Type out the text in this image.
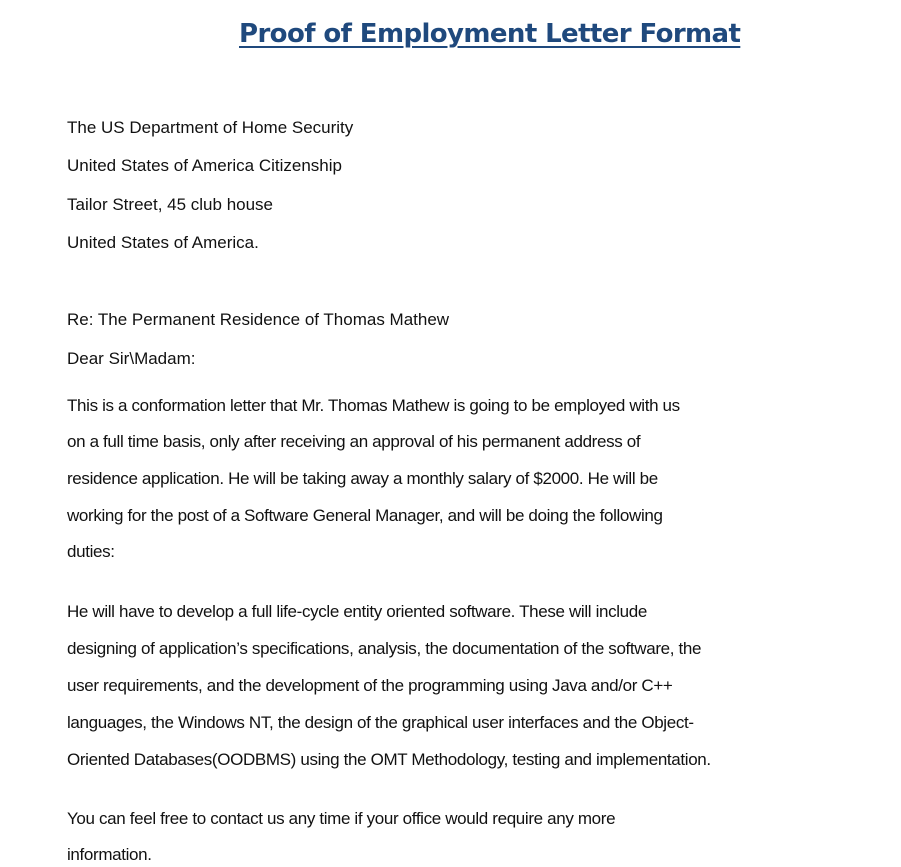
Proof of Employment Letter Format
The US Department of Home Security
United States of America Citizenship
Tailor Street, 45 club house
United States of America.
Re: The Permanent Residence of Thomas Mathew
Dear Sir\Madam:
This is a conformation letter that Mr. Thomas Mathew is going to be employed with us
on a full time basis, only after receiving an approval of his permanent address of
residence application. He will be taking away a monthly salary of $2000. He will be
working for the post of a Software General Manager, and will be doing the following
duties:
He will have to develop a full life-cycle entity oriented software. These will include
designing of application’s specifications, analysis, the documentation of the software, the
user requirements, and the development of the programming using Java and/or C++
languages, the Windows NT, the design of the graphical user interfaces and the Object-
Oriented Databases(OODBMS) using the OMT Methodology, testing and implementation.
You can feel free to contact us any time if your office would require any more
information.
